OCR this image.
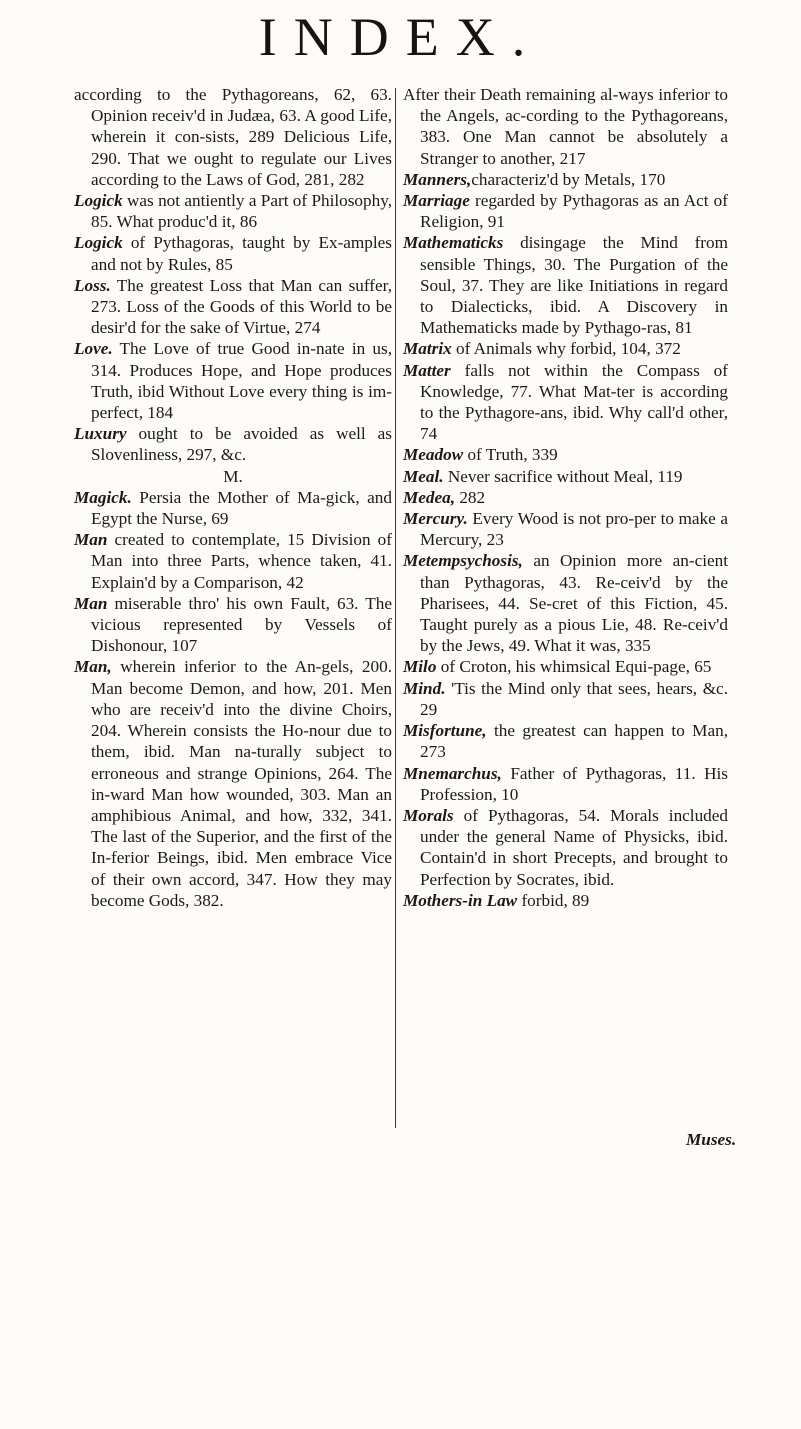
INDEX.

according to the Pythagoreans, 62, 63. Opinion receiv'd in Judæa, 63. A good Life, wherein it con-sists, 289 Delicious Life, 290. That we ought to regulate our Lives according to the Laws of God, 281, 282

Logick was not antiently a Part of Philosophy, 85. What produc'd it, 86

Logick of Pythagoras, taught by Ex-amples and not by Rules, 85

Loss. The greatest Loss that Man can suffer, 273. Loss of the Goods of this World to be desir'd for the sake of Virtue, 274

Love. The Love of true Good in-nate in us, 314. Produces Hope, and Hope produces Truth, ibid Without Love every thing is im-perfect, 184

Luxury ought to be avoided as well as Slovenliness, 297, &c.

M.

Magick. Persia the Mother of Ma-gick, and Egypt the Nurse, 69

Man created to contemplate, 15 Division of Man into three Parts, whence taken, 41. Explain'd by a Comparison, 42

Man miserable thro' his own Fault, 63. The vicious represented by Vessels of Dishonour, 107

Man, wherein inferior to the An-gels, 200. Man become Demon, and how, 201. Men who are receiv'd into the divine Choirs, 204. Wherein consists the Ho-nour due to them, ibid. Man na-turally subject to erroneous and strange Opinions, 264. The in-ward Man how wounded, 303. Man an amphibious Animal, and how, 332, 341. The last of the Superior, and the first of the In-ferior Beings, ibid. Men embrace Vice of their own accord, 347. How they may become Gods, 382.

After their Death remaining al-ways inferior to the Angels, ac-cording to the Pythagoreans, 383. One Man cannot be absolutely a Stranger to another, 217

Manners,characteriz'd by Metals, 170

Marriage regarded by Pythagoras as an Act of Religion, 91

Mathematicks disingage the Mind from sensible Things, 30. The Purgation of the Soul, 37. They are like Initiations in regard to Dialecticks, ibid. A Discovery in Mathematicks made by Pythago-ras, 81

Matrix of Animals why forbid, 104, 372

Matter falls not within the Compass of Knowledge, 77. What Mat-ter is according to the Pythagore-ans, ibid. Why call'd other, 74

Meadow of Truth, 339

Meal. Never sacrifice without Meal, 119

Medea, 282

Mercury. Every Wood is not pro-per to make a Mercury, 23

Metempsychosis, an Opinion more an-cient than Pythagoras, 43. Re-ceiv'd by the Pharisees, 44. Se-cret of this Fiction, 45. Taught purely as a pious Lie, 48. Re-ceiv'd by the Jews, 49. What it was, 335

Milo of Croton, his whimsical Equi-page, 65

Mind. 'Tis the Mind only that sees, hears, &c. 29

Misfortune, the greatest can happen to Man, 273

Mnemarchus, Father of Pythagoras, 11. His Profession, 10

Morals of Pythagoras, 54. Morals included under the general Name of Physicks, ibid. Contain'd in short Precepts, and brought to Perfection by Socrates, ibid.

Mothers-in Law forbid, 89

Muses.
